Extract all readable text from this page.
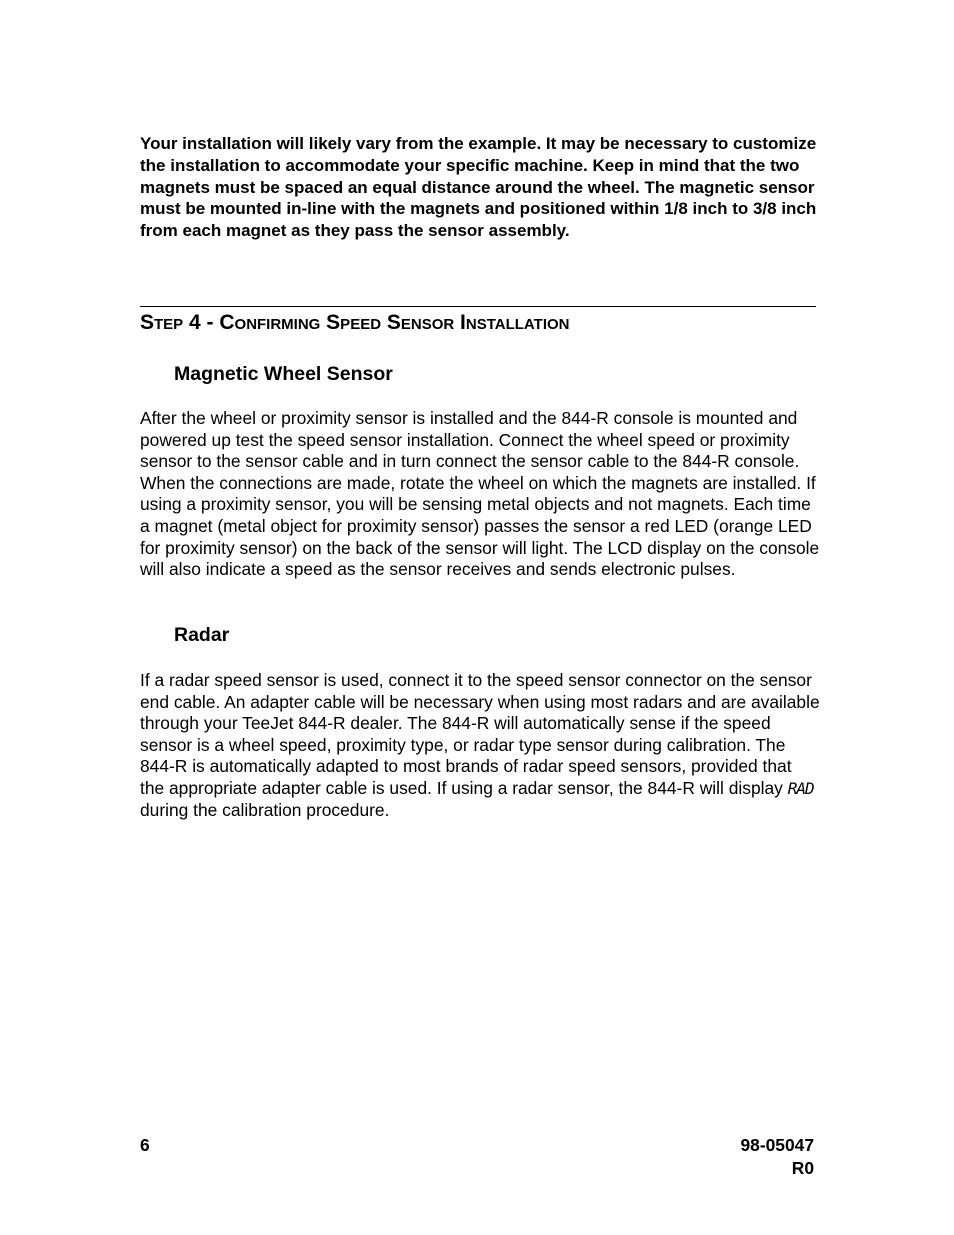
Your installation will likely vary from the example. It may be necessary to customize the installation to accommodate your specific machine. Keep in mind that the two magnets must be spaced an equal distance around the wheel. The magnetic sensor must be mounted in-line with the magnets and positioned within 1/8 inch to 3/8 inch from each magnet as they pass the sensor assembly.

Step 4 - Confirming Speed Sensor Installation
Magnetic Wheel Sensor

After the wheel or proximity sensor is installed and the 844-R console is mounted and powered up test the speed sensor installation. Connect the wheel speed or proximity sensor to the sensor cable and in turn connect the sensor cable to the 844-R console. When the connections are made, rotate the wheel on which the magnets are installed. If using a proximity sensor, you will be sensing metal objects and not magnets. Each time a magnet (metal object for proximity sensor) passes the sensor a red LED (orange LED for proximity sensor) on the back of the sensor will light. The LCD display on the console will also indicate a speed as the sensor receives and sends electronic pulses.

Radar

If a radar speed sensor is used, connect it to the speed sensor connector on the sensor end cable. An adapter cable will be necessary when using most radars and are available through your TeeJet 844-R dealer. The 844-R will automatically sense if the speed sensor is a wheel speed, proximity type, or radar type sensor during calibration. The 844-R is automatically adapted to most brands of radar speed sensors, provided that the appropriate adapter cable is used. If using a radar sensor, the 844-R will display RAD during the calibration procedure.

6	98-05047
R0
